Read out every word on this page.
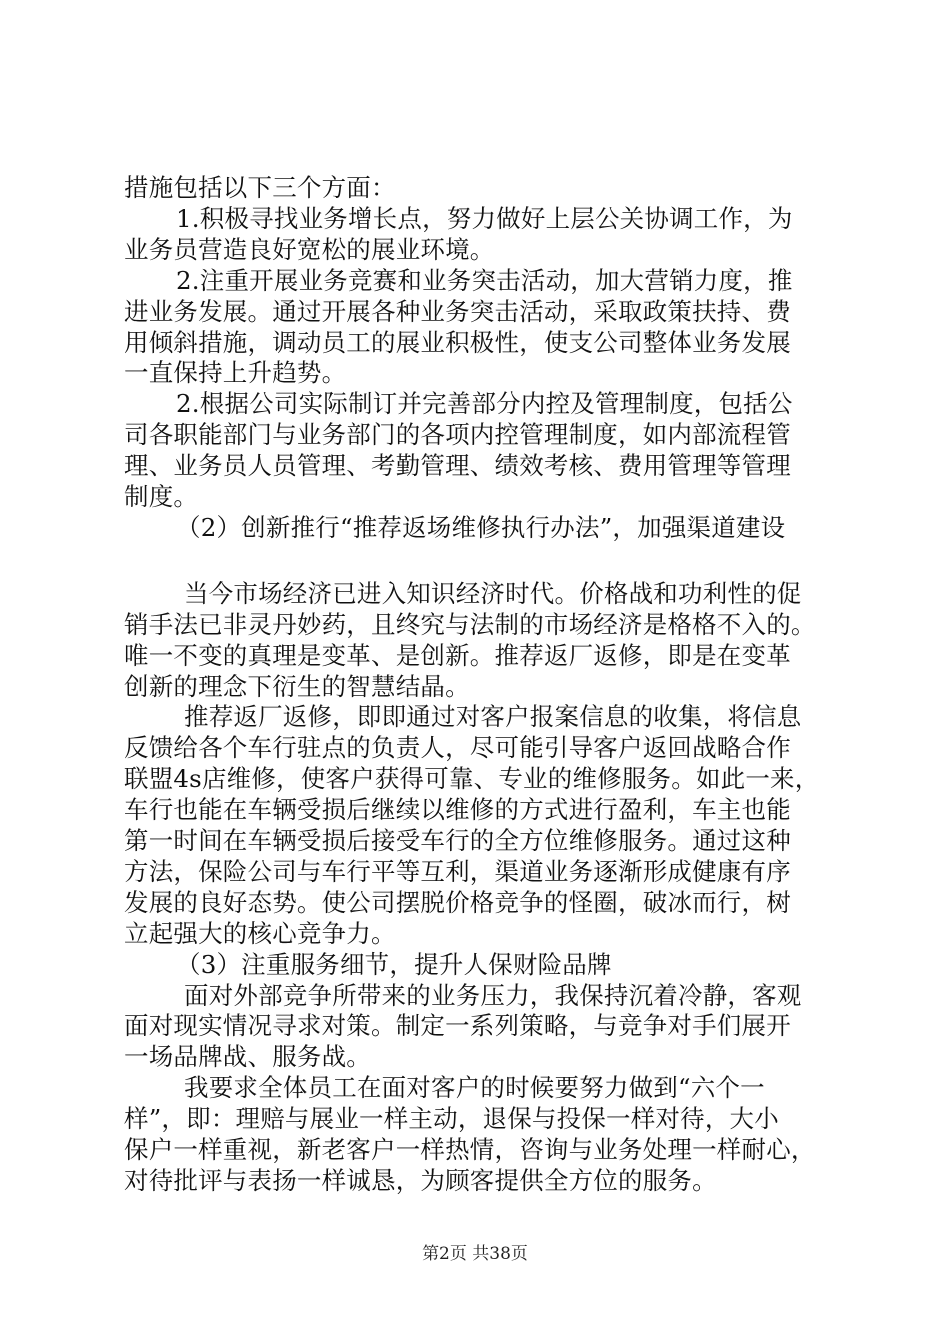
措施包括以下三个方面：
1.积极寻找业务增长点，努力做好上层公关协调工作，为
业务员营造良好宽松的展业环境。
2.注重开展业务竞赛和业务突击活动，加大营销力度，推
进业务发展。通过开展各种业务突击活动，采取政策扶持、费
用倾斜措施，调动员工的展业积极性，使支公司整体业务发展
一直保持上升趋势。
2.根据公司实际制订并完善部分内控及管理制度，包括公
司各职能部门与业务部门的各项内控管理制度，如内部流程管
理、业务员人员管理、考勤管理、绩效考核、费用管理等管理
制度。
（2）创新推行“推荐返场维修执行办法”，加强渠道建设
当今市场经济已进入知识经济时代。价格战和功利性的促
销手法已非灵丹妙药，且终究与法制的市场经济是格格不入的。
唯一不变的真理是变革、是创新。推荐返厂返修，即是在变革
创新的理念下衍生的智慧结晶。
推荐返厂返修，即即通过对客户报案信息的收集，将信息
反馈给各个车行驻点的负责人，尽可能引导客户返回战略合作
联盟4s店维修，使客户获得可靠、专业的维修服务。如此一来，
车行也能在车辆受损后继续以维修的方式进行盈利，车主也能
第一时间在车辆受损后接受车行的全方位维修服务。通过这种
方法，保险公司与车行平等互利，渠道业务逐渐形成健康有序
发展的良好态势。使公司摆脱价格竞争的怪圈，破冰而行，树
立起强大的核心竞争力。
（3）注重服务细节，提升人保财险品牌
面对外部竞争所带来的业务压力，我保持沉着冷静，客观
面对现实情况寻求对策。制定一系列策略，与竞争对手们展开
一场品牌战、服务战。
我要求全体员工在面对客户的时候要努力做到“六个一
样”，即：理赔与展业一样主动，退保与投保一样对待，大小
保户一样重视，新老客户一样热情，咨询与业务处理一样耐心，
对待批评与表扬一样诚恳，为顾客提供全方位的服务。
第2页 共38页
